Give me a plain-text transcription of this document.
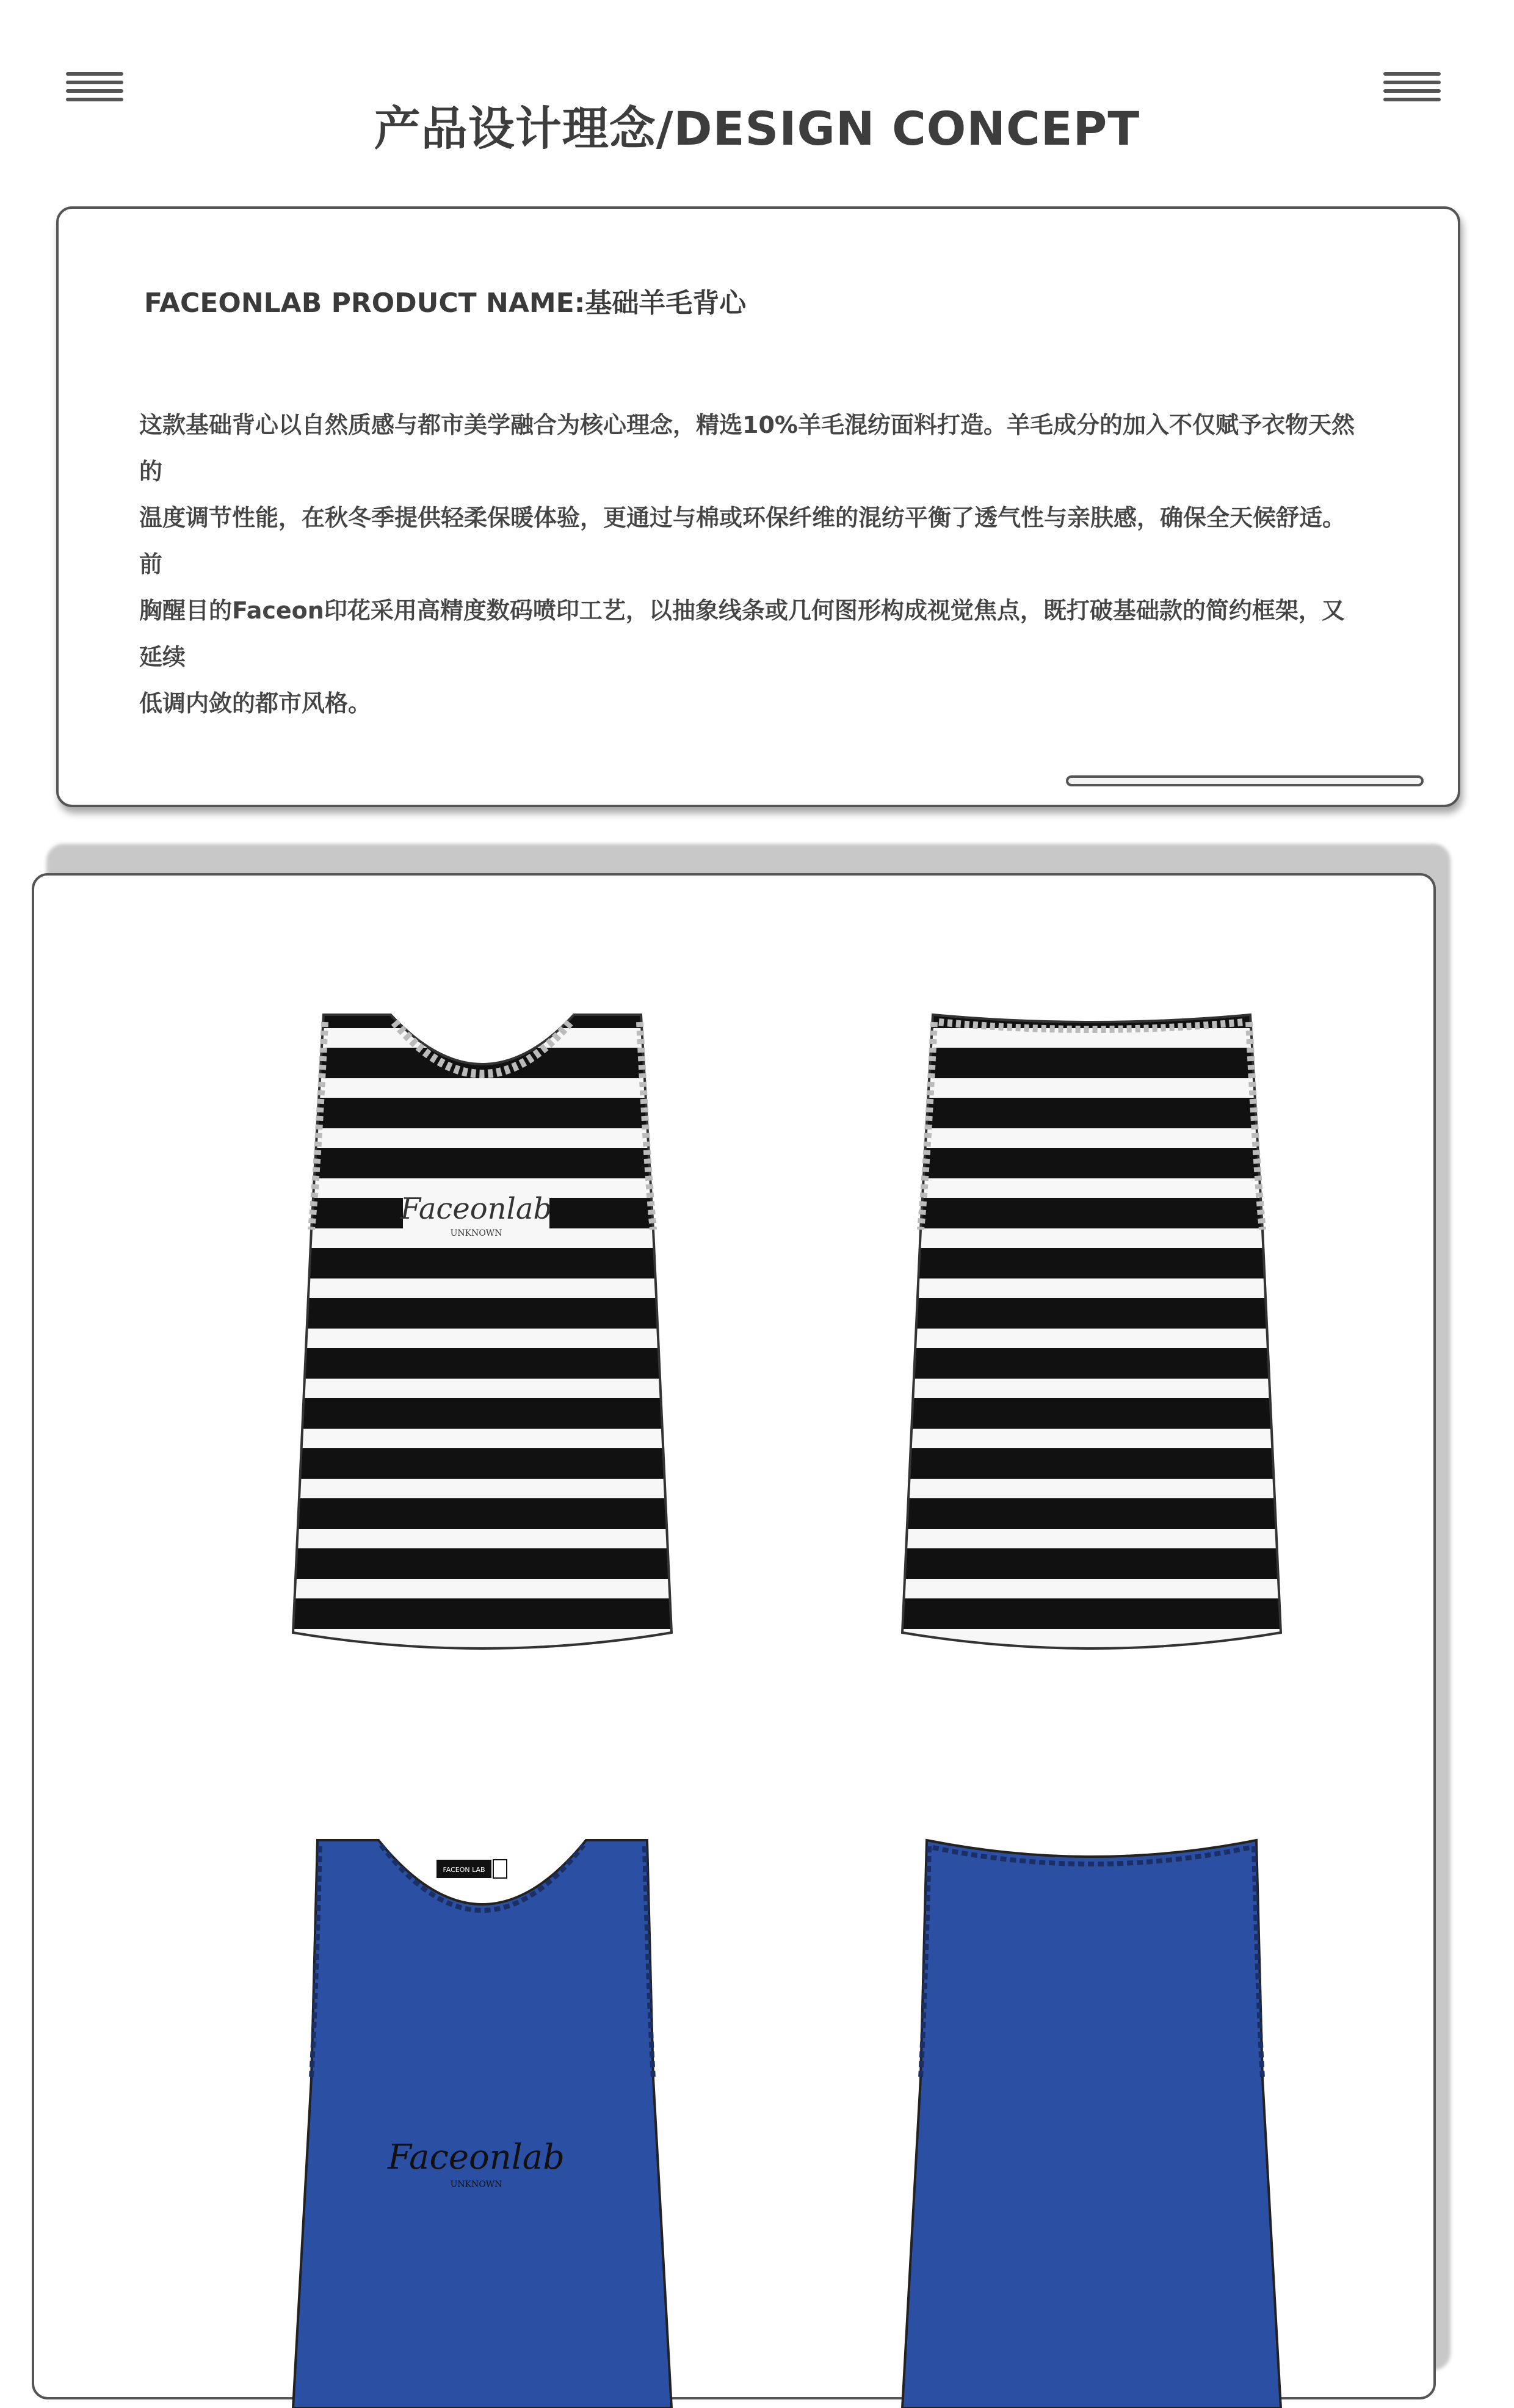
产品设计理念/DESIGN CONCEPT
FACEONLAB PRODUCT NAME:基础羊毛背心
这款基础背心以自然质感与都市美学融合为核心理念，精选10%羊毛混纺面料打造。羊毛成分的加入不仅赋予衣物天然的
温度调节性能，在秋冬季提供轻柔保暖体验，更通过与棉或环保纤维的混纺平衡了透气性与亲肤感，确保全天候舒适。前
胸醒目的Faceon印花采用高精度数码喷印工艺，以抽象线条或几何图形构成视觉焦点，既打破基础款的简约框架，又延续
低调内敛的都市风格。
Faceonlab
UNKNOWN
FACEON LAB
Faceonlab
UNKNOWN
